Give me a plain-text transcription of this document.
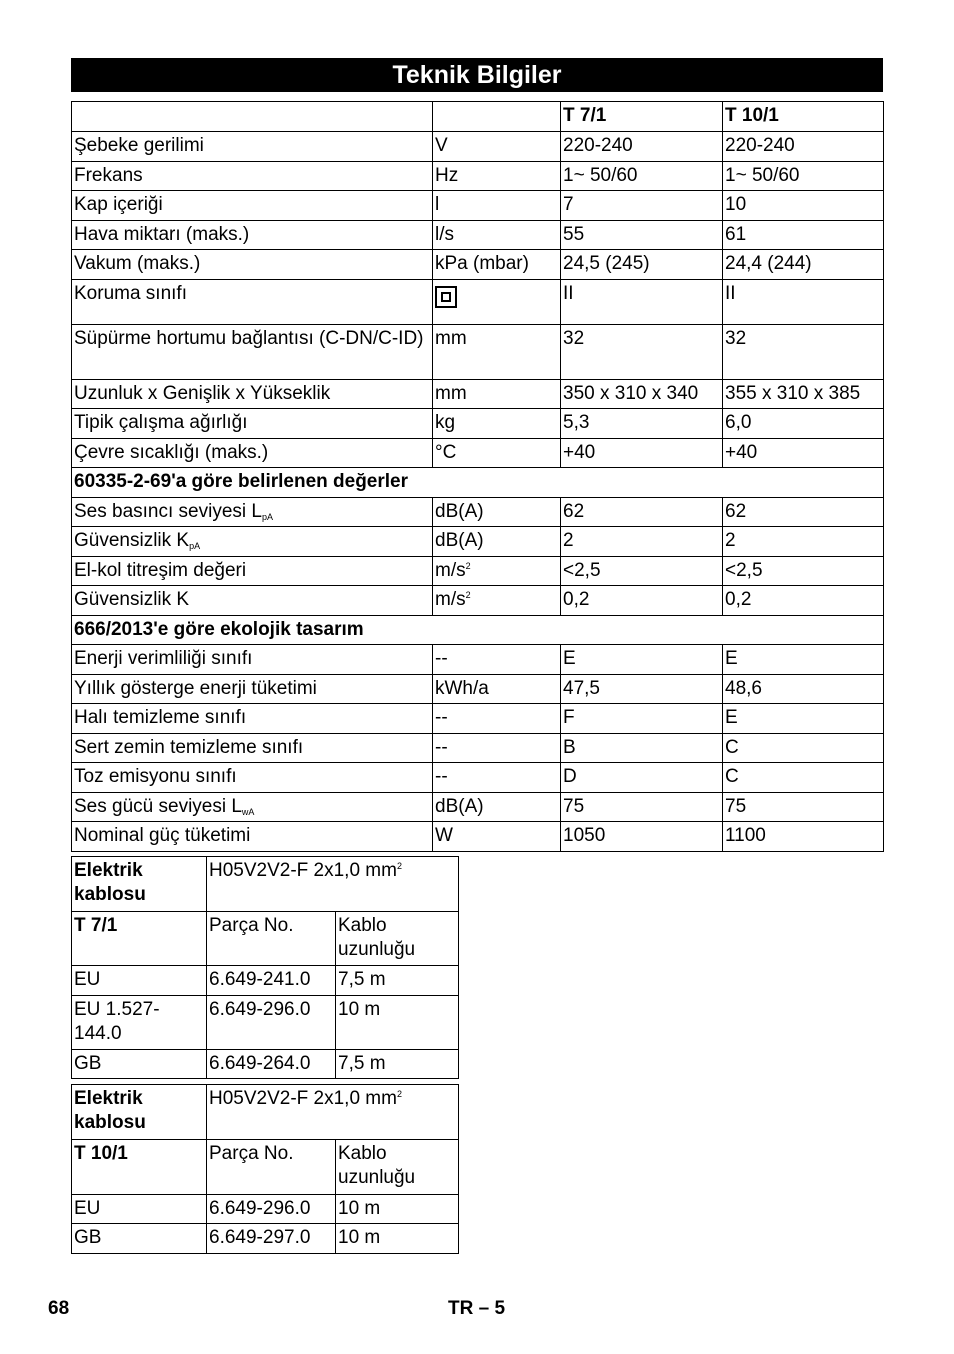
Teknik Bilgiler
		T 7/1	T 10/1
Şebeke gerilimi	V	220-240	220-240
Frekans	Hz	1~ 50/60	1~ 50/60
Kap içeriği	l	7	10
Hava miktarı (maks.)	l/s	55	61
Vakum (maks.)	kPa (mbar)	24,5 (245)	24,4 (244)
Koruma sınıfı		II	II
Süpürme hortumu bağlantısı (C-DN/C-ID)	mm	32	32
Uzunluk x Genişlik x Yükseklik	mm	350 x 310 x 340	355 x 310 x 385
Tipik çalışma ağırlığı	kg	5,3	6,0
Çevre sıcaklığı (maks.)	°C	+40	+40
60335-2-69'a göre belirlenen değerler			
Ses basıncı seviyesi $L_{pA}$	dB(A)	62	62
Güvensizlik $K_{pA}$	dB(A)	2	2
El-kol titreşim değeri	$m/s^2$	<2,5	<2,5
Güvensizlik K	$m/s^2$	0,2	0,2
666/2013'e göre ekolojik tasarım			
Enerji verimliliği sınıfı	--	E	E
Yıllık gösterge enerji tüketimi	kWh/a	47,5	48,6
Halı temizleme sınıfı	--	F	E
Sert zemin temizleme sınıfı	--	B	C
Toz emisyonu sınıfı	--	D	C
Ses gücü seviyesi $L_{wA}$	dB(A)	75	75
Nominal güç tüketimi	W	1050	1100
Elektrik kablosu	H05V2V2-F 2x1,0 $mm^2$
T 7/1	Parça No.	Kablo uzunluğu
EU	6.649-241.0	7,5 m
EU 1.527-144.0	6.649-296.0	10 m
GB	6.649-264.0	7,5 m
Elektrik kablosu	H05V2V2-F 2x1,0 $mm^2$
T 10/1	Parça No.	Kablo uzunluğu
EU	6.649-296.0	10 m
GB	6.649-297.0	10 m
68	TR – 5
